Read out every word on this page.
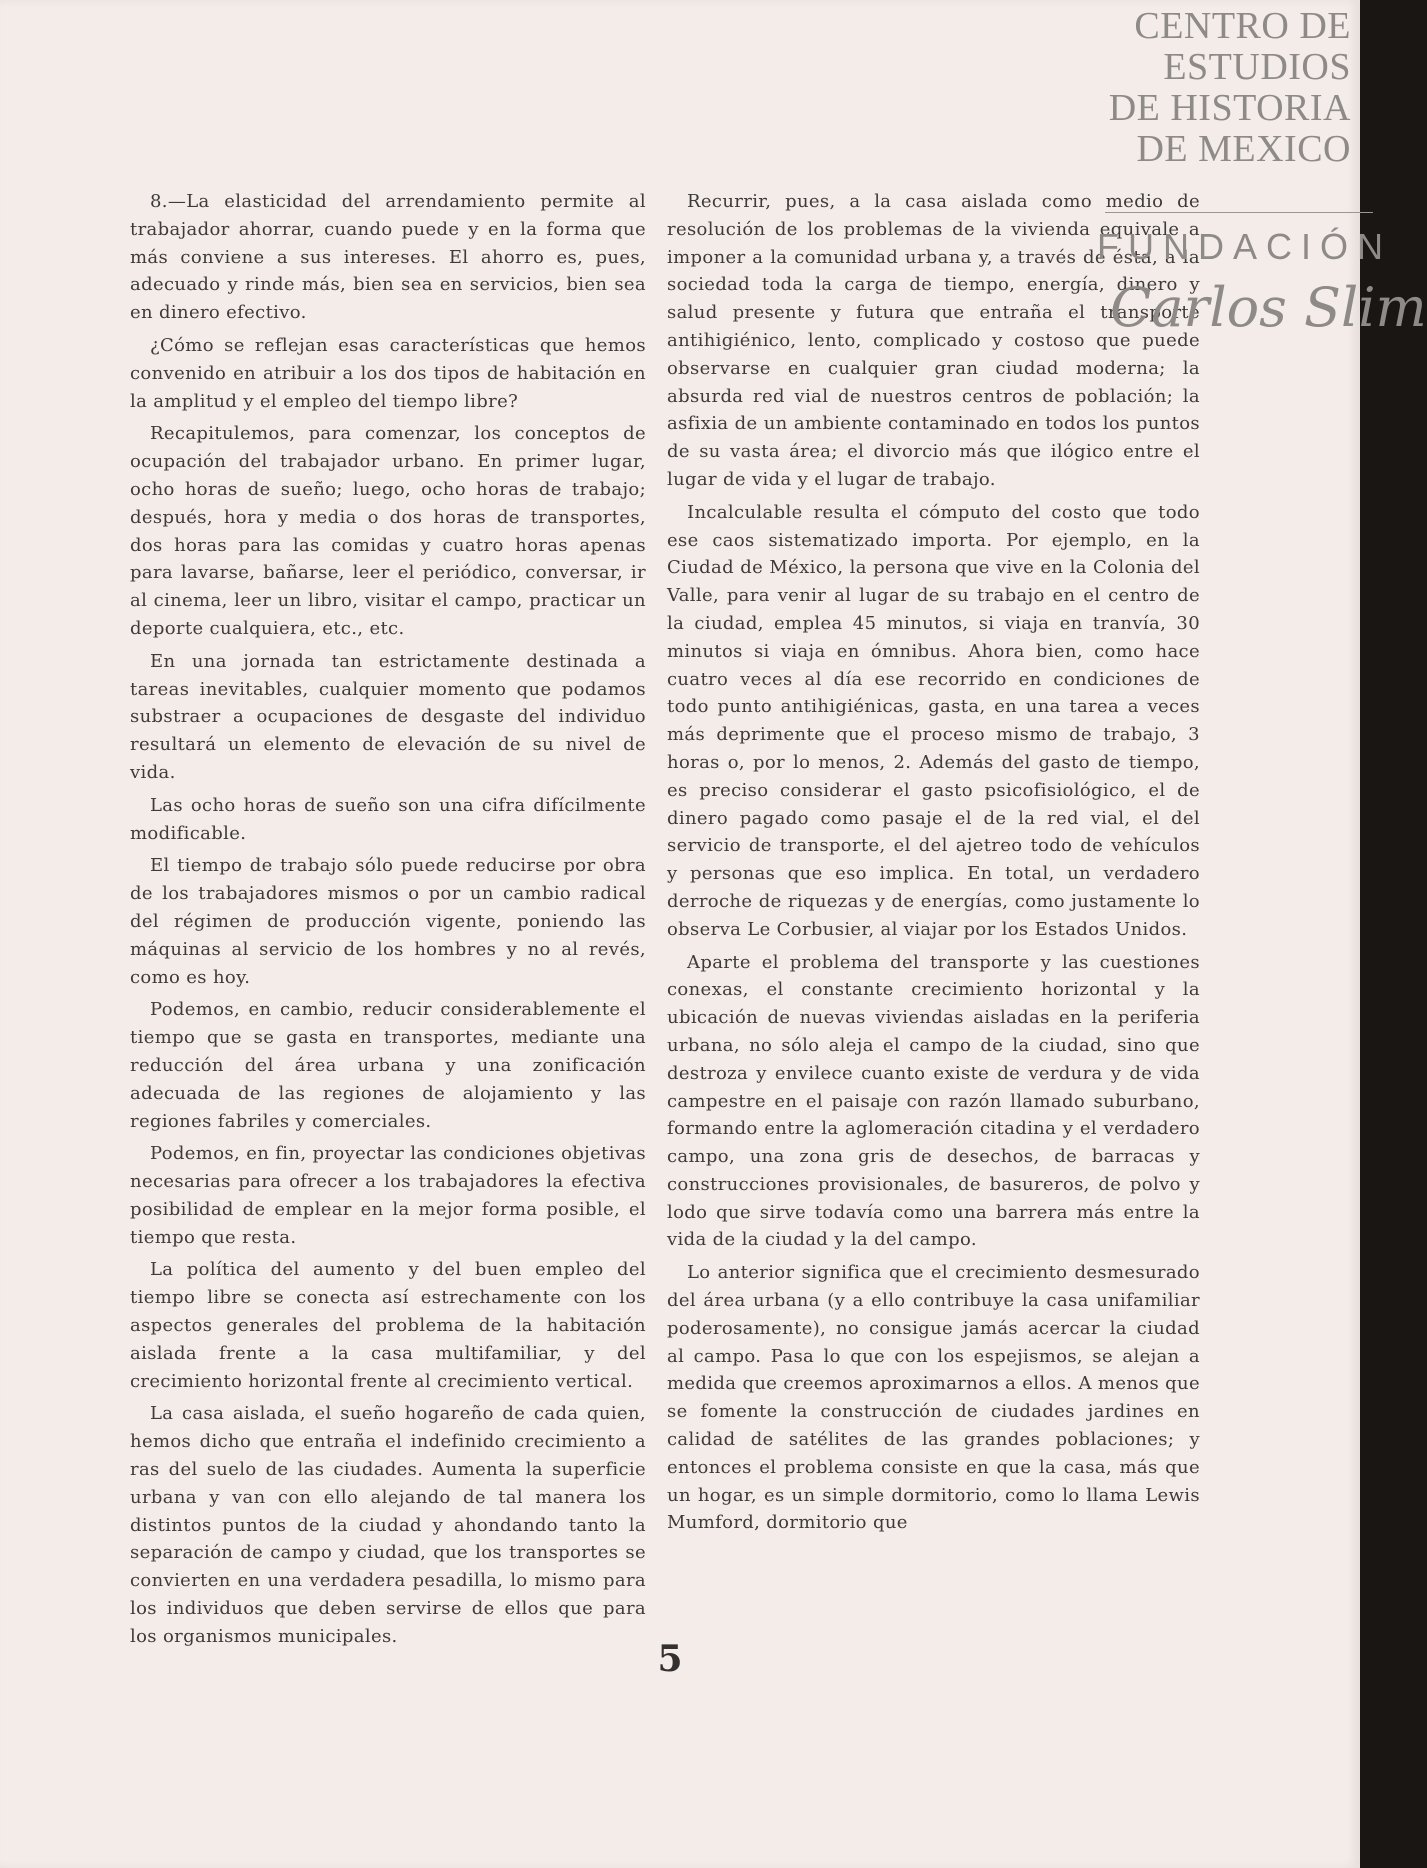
8.—La elasticidad del arrendamiento permite al trabajador ahorrar, cuando puede y en la forma que más conviene a sus intereses. El ahorro es, pues, adecuado y rinde más, bien sea en servicios, bien sea en dinero efectivo.

¿Cómo se reflejan esas características que hemos convenido en atribuir a los dos tipos de habitación en la amplitud y el empleo del tiempo libre?

Recapitulemos, para comenzar, los conceptos de ocupación del trabajador urbano. En primer lugar, ocho horas de sueño; luego, ocho horas de trabajo; después, hora y media o dos horas de transportes, dos horas para las comidas y cuatro horas apenas para lavarse, bañarse, leer el periódico, conversar, ir al cinema, leer un libro, visitar el campo, practicar un deporte cualquiera, etc., etc.

En una jornada tan estrictamente destinada a tareas inevitables, cualquier momento que podamos substraer a ocupaciones de desgaste del individuo resultará un elemento de elevación de su nivel de vida.

Las ocho horas de sueño son una cifra difícilmente modificable.

El tiempo de trabajo sólo puede reducirse por obra de los trabajadores mismos o por un cambio radical del régimen de producción vigente, poniendo las máquinas al servicio de los hombres y no al revés, como es hoy.

Podemos, en cambio, reducir considerablemente el tiempo que se gasta en transportes, mediante una reducción del área urbana y una zonificación adecuada de las regiones de alojamiento y las regiones fabriles y comerciales.

Podemos, en fin, proyectar las condiciones objetivas necesarias para ofrecer a los trabajadores la efectiva posibilidad de emplear en la mejor forma posible, el tiempo que resta.

La política del aumento y del buen empleo del tiempo libre se conecta así estrechamente con los aspectos generales del problema de la habitación aislada frente a la casa multifamiliar, y del crecimiento horizontal frente al crecimiento vertical.

La casa aislada, el sueño hogareño de cada quien, hemos dicho que entraña el indefinido crecimiento a ras del suelo de las ciudades. Aumenta la superficie urbana y van con ello alejando de tal manera los distintos puntos de la ciudad y ahondando tanto la separación de campo y ciudad, que los transportes se convierten en una verdadera pesadilla, lo mismo para los individuos que deben servirse de ellos que para los organismos municipales.

Recurrir, pues, a la casa aislada como medio de resolución de los problemas de la vivienda equivale a imponer a la comunidad urbana y, a través de ésta, a la sociedad toda la carga de tiempo, energía, dinero y salud presente y futura que entraña el transporte antihigiénico, lento, complicado y costoso que puede observarse en cualquier gran ciudad moderna; la absurda red vial de nuestros centros de población; la asfixia de un ambiente contaminado en todos los puntos de su vasta área; el divorcio más que ilógico entre el lugar de vida y el lugar de trabajo.

Incalculable resulta el cómputo del costo que todo ese caos sistematizado importa. Por ejemplo, en la Ciudad de México, la persona que vive en la Colonia del Valle, para venir al lugar de su trabajo en el centro de la ciudad, emplea 45 minutos, si viaja en tranvía, 30 minutos si viaja en ómnibus. Ahora bien, como hace cuatro veces al día ese recorrido en condiciones de todo punto antihigiénicas, gasta, en una tarea a veces más deprimente que el proceso mismo de trabajo, 3 horas o, por lo menos, 2. Además del gasto de tiempo, es preciso considerar el gasto psicofisiológico, el de dinero pagado como pasaje el de la red vial, el del servicio de transporte, el del ajetreo todo de vehículos y personas que eso implica. En total, un verdadero derroche de riquezas y de energías, como justamente lo observa Le Corbusier, al viajar por los Estados Unidos.

Aparte el problema del transporte y las cuestiones conexas, el constante crecimiento horizontal y la ubicación de nuevas viviendas aisladas en la periferia urbana, no sólo aleja el campo de la ciudad, sino que destroza y envilece cuanto existe de verdura y de vida campestre en el paisaje con razón llamado suburbano, formando entre la aglomeración citadina y el verdadero campo, una zona gris de desechos, de barracas y construcciones provisionales, de basureros, de polvo y lodo que sirve todavía como una barrera más entre la vida de la ciudad y la del campo.

Lo anterior significa que el crecimiento desmesurado del área urbana (y a ello contribuye la casa unifamiliar poderosamente), no consigue jamás acercar la ciudad al campo. Pasa lo que con los espejismos, se alejan a medida que creemos aproximarnos a ellos. A menos que se fomente la construcción de ciudades jardines en calidad de satélites de las grandes poblaciones; y entonces el problema consiste en que la casa, más que un hogar, es un simple dormitorio, como lo llama Lewis Mumford, dormitorio que

5
CENTRO DE
ESTUDIOS
DE HISTORIA
DE MEXICO
FUNDACIÓN
Carlos Slim
